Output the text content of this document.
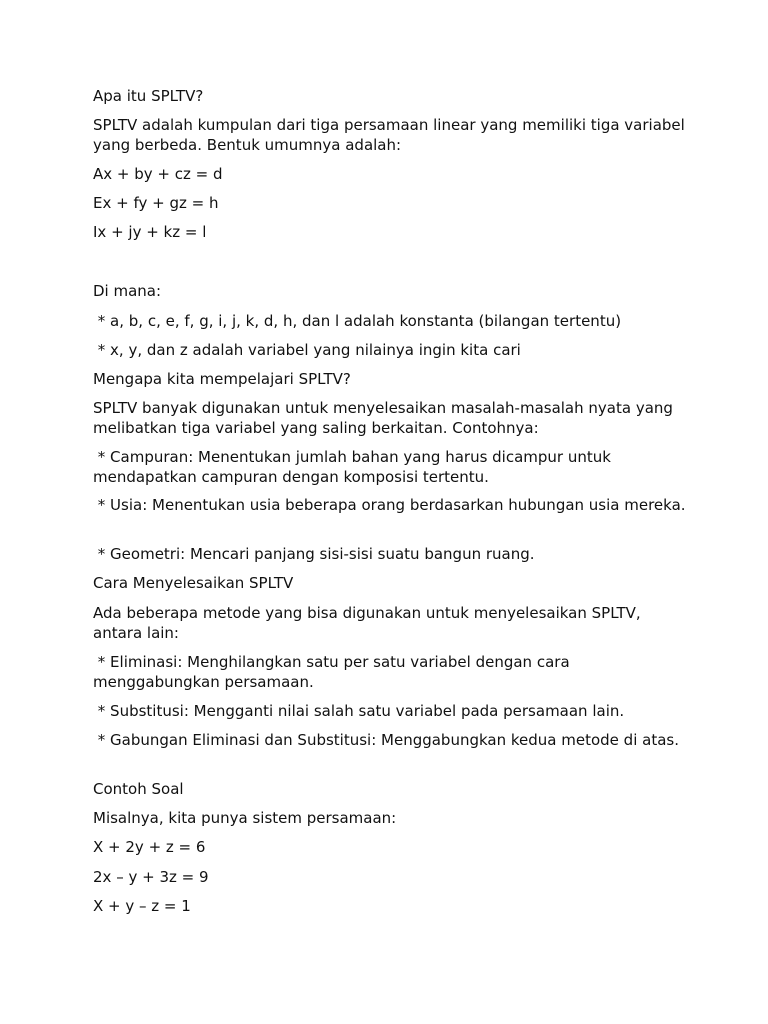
Apa itu SPLTV?

SPLTV adalah kumpulan dari tiga persamaan linear yang memiliki tiga variabel yang berbeda. Bentuk umumnya adalah:

Ax + by + cz = d

Ex + fy + gz = h

Ix + jy + kz = l

Di mana:

* a, b, c, e, f, g, i, j, k, d, h, dan l adalah konstanta (bilangan tertentu)

* x, y, dan z adalah variabel yang nilainya ingin kita cari

Mengapa kita mempelajari SPLTV?

SPLTV banyak digunakan untuk menyelesaikan masalah-masalah nyata yang melibatkan tiga variabel yang saling berkaitan. Contohnya:

* Campuran: Menentukan jumlah bahan yang harus dicampur untuk mendapatkan campuran dengan komposisi tertentu.

* Usia: Menentukan usia beberapa orang berdasarkan hubungan usia mereka.

* Geometri: Mencari panjang sisi-sisi suatu bangun ruang.

Cara Menyelesaikan SPLTV

Ada beberapa metode yang bisa digunakan untuk menyelesaikan SPLTV, antara lain:

* Eliminasi: Menghilangkan satu per satu variabel dengan cara menggabungkan persamaan.

* Substitusi: Mengganti nilai salah satu variabel pada persamaan lain.

* Gabungan Eliminasi dan Substitusi: Menggabungkan kedua metode di atas.

Contoh Soal

Misalnya, kita punya sistem persamaan:

X + 2y + z = 6

2x – y + 3z = 9

X + y – z = 1
